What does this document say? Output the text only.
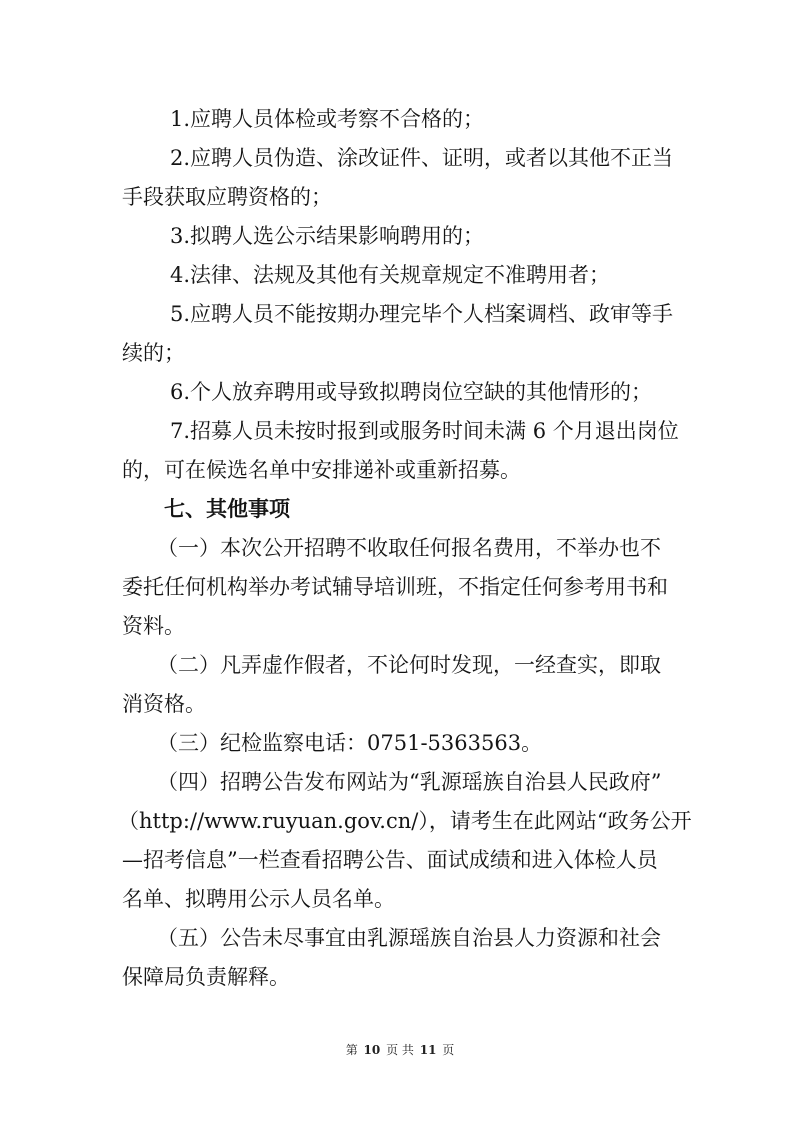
1.应聘人员体检或考察不合格的；
2.应聘人员伪造、涂改证件、证明，或者以其他不正当
手段获取应聘资格的；
3.拟聘人选公示结果影响聘用的；
4.法律、法规及其他有关规章规定不准聘用者；
5.应聘人员不能按期办理完毕个人档案调档、政审等手
续的；
6.个人放弃聘用或导致拟聘岗位空缺的其他情形的；
7.招募人员未按时报到或服务时间未满 6 个月退出岗位
的，可在候选名单中安排递补或重新招募。
七、其他事项
（一）本次公开招聘不收取任何报名费用，不举办也不
委托任何机构举办考试辅导培训班，不指定任何参考用书和
资料。
（二）凡弄虚作假者，不论何时发现，一经查实，即取
消资格。
（三）纪检监察电话：0751-5363563。
（四）招聘公告发布网站为“乳源瑶族自治县人民政府”
（http://www.ruyuan.gov.cn/），请考生在此网站“政务公开
—招考信息”一栏查看招聘公告、面试成绩和进入体检人员
名单、拟聘用公示人员名单。
（五）公告未尽事宜由乳源瑶族自治县人力资源和社会
保障局负责解释。
第 10 页 共 11 页
